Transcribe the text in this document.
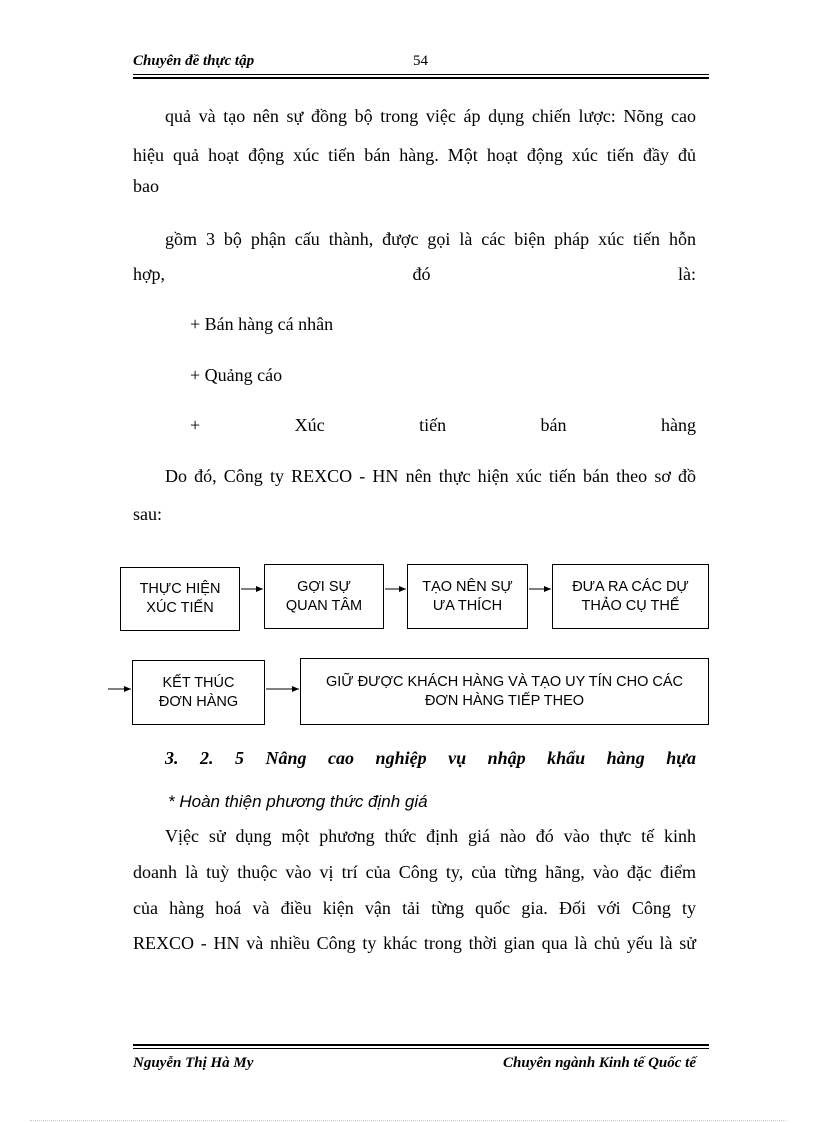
Chuyên đề thực tập	54
quả và tạo nên sự đồng bộ trong việc áp dụng chiến lược: Nõng cao
hiệu quả hoạt động xúc tiến bán hàng. Một hoạt động xúc tiến đầy đủ
bao
gồm 3 bộ phận cấu thành, được gọi là các biện pháp xúc tiến hỗn
hợp, đó là:
+ Bán hàng cá nhân
+ Quảng cáo
+ Xúc tiến bán hàng
Do đó, Công ty REXCO - HN nên thực hiện xúc tiến bán theo sơ đồ
sau:
THỰC HIỆN
XÚC TIẾN
GỢI SỰ
QUAN TÂM
TẠO NÊN SỰ
ƯA THÍCH
ĐƯA RA CÁC DỰ
THẢO CỤ THỂ
KẾT THÚC
ĐƠN HÀNG
GIỮ ĐƯỢC KHÁCH HÀNG VÀ TẠO UY TÍN CHO CÁC
ĐƠN HÀNG TIẾP THEO
3. 2. 5 Nâng cao nghiệp vụ nhập khẩu hàng hựa
* Hoàn thiện phương thức định giá
Vịệc sử dụng một phương thức định giá nào đó vào thực tế kinh
doanh là tuỳ thuộc vào vị trí của Công ty, của từng hãng, vào đặc điểm
của hàng hoá và điều kiện vận tải từng quốc gia. Đối với Công ty
REXCO - HN và nhiều Công ty khác trong thời gian qua là chủ yếu là sử
Nguyễn Thị Hà My	Chuyên ngành Kinh tế Quốc tế
